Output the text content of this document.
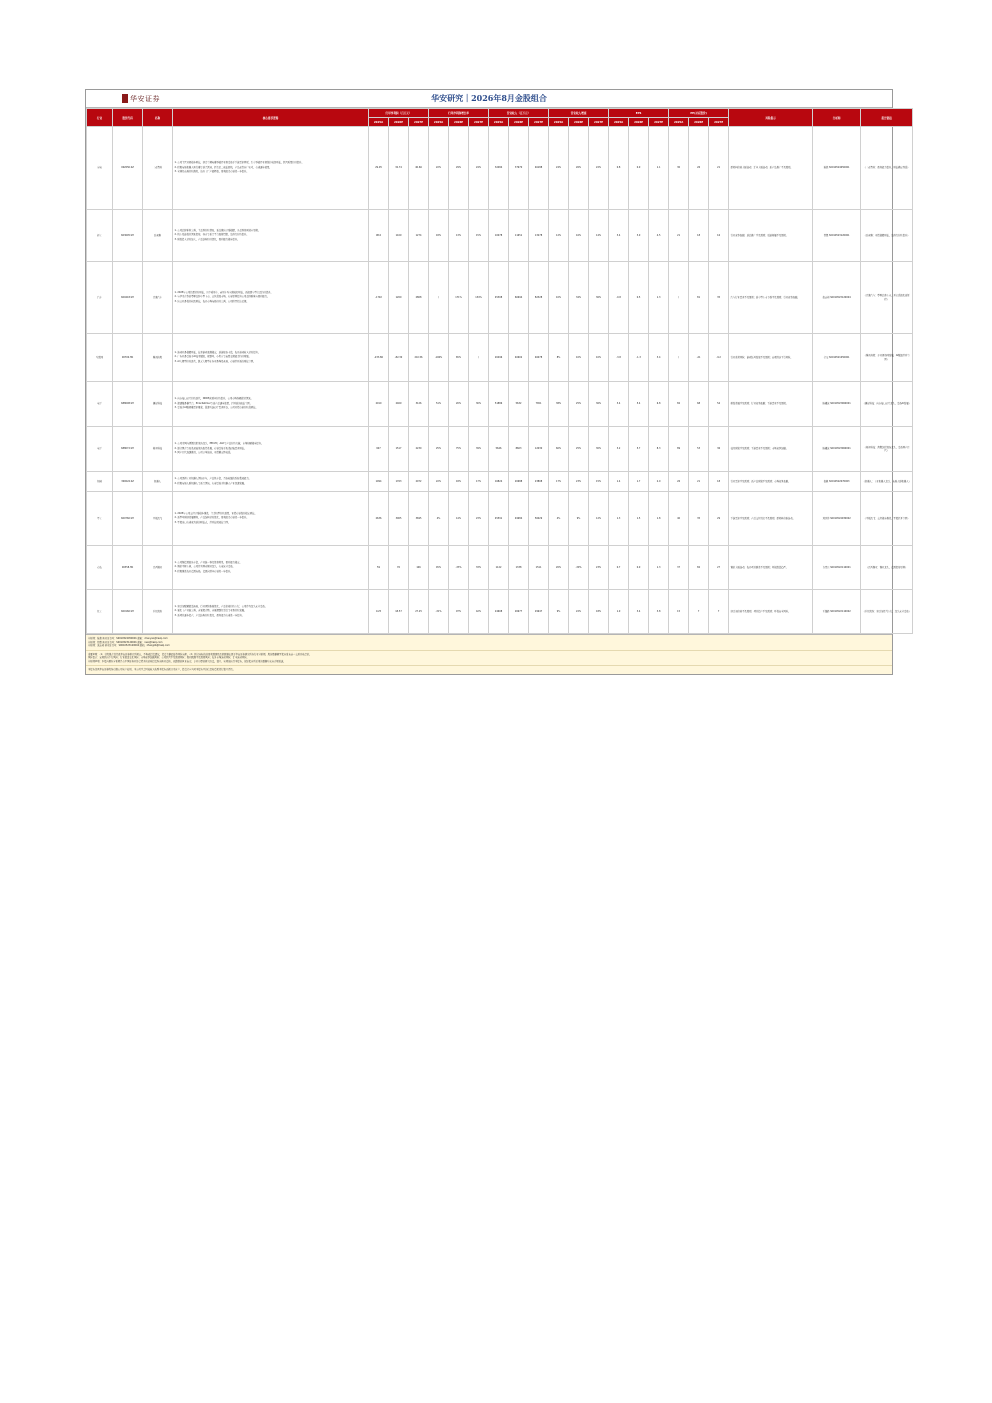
华安证券	华安研究｜2026年8月金股组合
行业	股票代码	名称	核心推荐逻辑	归母净利润（百万元）			归母净利润增长率			营业收入（百万元）			营业收入增速			EPS			PE(对应股价)			风险提示	分析师	报告链接
				2025A	2026E	2027E	2025A	2026E	2027E	2025A	2026E	2027E	2025A	2026E	2027E	2025A	2026E	2027E	2025A	2026E	2027E			
家电	002050.SZ	三花智控	1. 公司主营业务稳步增长，制冷空调电器零部件业务受益于下游需求回暖，汽车零部件业务保持较快增长，经营质量持续提升。

2. 积极布局机器人执行器等新兴领域，打造第二成长曲线，产品获得客户认可，有望逐步放量。

3. 全球化布局持续推进，海外工厂产能释放，盈利能力有望进一步提升。	29.05	32.74	40.66	22%	29%	24%	32484	37970	46188	24%	26%	22%	0.8	0.9	1.1	30	26	21	原材料价格大幅波动；汇率大幅波动；新产品推广不及预期。	陈燕 S0010524050001	《三花智控：盈利能力提升，增长确定性高》
轻工	603605.SH	珀莱雅	1. 公司品牌矩阵完善，主品牌持续领先，新品推出节奏稳健，多品牌协同效应显现。

2. 线上渠道保持领先优势，抖音等新兴平台表现亮眼，品牌力持续提升。

3. 研发投入持续加大，产品结构持续优化，盈利能力稳步提升。	98.0	1109	1274	18%	13%	15%	10078	11651	13278	12%	16%	14%	3.4	3.9	4.5	21	18	16	行业竞争加剧；新品推广不及预期；渠道拓展不及预期。	徐偲 S0010523120001	《珀莱雅：业绩稳健增长，品牌力持续提升》
汽车	600418.SH	江淮汽车	1. 2025年公司销量持续增长，其中乘用车、商用车均实现较好增长，新能源车型占比持续提升。

2. 与华为合作的尊界品牌车型上市，定位高端市场，有望显著提升公司品牌形象与盈利能力。

3. 出口业务保持较快增长，海外市场布局持续完善，公司经营拐点已现。	-1702	1200	2808	/	171%	134%	45308	60694	82328	10%	34%	36%	-0.8	0.5	1.3	/	81	35	汽车行业需求不及预期；新车型上市节奏不及预期；行业竞争加剧。	张志邦 S0010523120004	《江淮汽车：尊界品牌上市，开启高端化新征程》
互联网	00700.HK	腾讯控股	1. 游戏业务稳健增长，长青游戏表现稳定，新游储备丰富，海外游戏收入持续提升。

2. 广告业务受益于AI技术赋能，视频号、小程序等流量变现能力持续增强。

3. AI大模型持续迭代，混元大模型在各业务场景落地，有望打开新的增长空间。	-233.86	-82.30	210.56	-106%	65%	/	20496	40602	46078	8%	10%	10%	-3.8	-1.3	3.4	/	-21	-9.2	行业监管风险；游戏版号发放不及预期；宏观经济下行风险。	金荣 S0010521050001	《腾讯控股：多业务协同发展，AI赋能打开空间》
电子	688008.SH	澜起科技	1. 内存接口芯片持续迭代，DDR5渗透率持续提升，公司市场份额保持领先。

2. 津逮服务器平台、PCIe Retimer等新产品逐步放量，打开新的成长空间。

3. 受益于AI服务器需求爆发，高速互连芯片需求旺盛，公司业绩有望持续高增长。	2010	2409	3126	51%	20%	30%	51886	5632	7651	38%	25%	36%	3.4	5.4	6.8	82	68	54	研发进展不及预期；行业竞争加剧；下游需求不及预期。	陈耀波 S0010523060001	《澜起科技：内存接口芯片龙头，受益AI发展》
电子	688072.SH	拓荆科技	1. 公司为国内薄膜沉积设备龙头，PECVD、ALD等产品持续突破，市场份额稳步提升。

2. 混合键合等先进封装设备取得进展，有望受益于先进封装需求增长。

3. 国产替代加速推进，公司订单饱满，业绩确定性较高。	907	1517	2230	25%	75%	39%	5646	8603	12030	60%	25%	30%	3.2	5.7	8.3	89	53	36	技术研发不及预期；下游需求不及预期；市场竞争加剧。	陈耀波 S0010523060001	《拓荆科技：薄膜沉积设备龙头，受益国产替代》
机械	300024.SZ	机器人	1. 公司深耕工业机器人领域多年，产品线丰富，具备较强的系统集成能力。

2. 积极布局人形机器人等新兴领域，有望受益于机器人产业快速发展。	1094	1763	2072	22%	18%	17%	16824	20688	23808	17%	23%	15%	1.4	1.7	2.0	26	21	18	行业需求不及预期；新产品研发不及预期；市场竞争加剧。	张帆 S0010522070003	《机器人：工业机器人龙头，布局人形机器人》
军工	600760.SH	中航沈飞	1. 2025年公司交付节奏稳步推进，主力机型持续放量，业绩有望保持稳定增长。

2. 新型号研制进展顺利，产品结构持续优化，盈利能力有望进一步提升。

3. 军贸出口有望成为新的增长点，打开长期成长空间。	2636	3005	3695	4%	14%	23%	45591	49984	56029	4%	9%	12%	1.3	1.5	1.8	40	35	29	下游需求不及预期；产品交付进度不及预期；原材料价格波动。	邓承佯 S0010524030002	《中航沈飞：交付稳步推进，军贸打开空间》
有色	00358.HK	江西铜业	1. 公司铜资源储备丰富，产业链一体化优势明显，盈利能力稳定。

2. 铜价中枢上移，公司作为国内铜业龙头，有望充分受益。

3. 积极推进海外资源布局，资源自给率有望进一步提升。	59	76	106	45%	-33%	33%	1122	1338	1511	20%	-30%	23%	0.7	0.9	1.3	37	82	27	铜价大幅波动；海外项目推进不及预期；环保政策趋严。	许勇其 S0010522110001	《江西铜业：铜业龙头，资源优势显著》
化工	600160.SH	巨化股份	1. 制冷剂配额政策落地，行业供给格局优化，产品价格持续上行，公司作为龙头充分受益。

2. 氟化工产业链完善，含氟聚合物、含氟精细化学品等业务持续发展。

3. 新项目逐步投产，产品结构持续优化，盈利能力有望进一步提升。	9.25	18.57	27.25	-31%	97%	42%	24608	26977	29947	9%	22%	18%	1.9	3.4	3.8	15	7	7	制冷剂价格不及预期；项目投产不及预期；环保安全风险。	王强峰 S0010522110002	《巨化股份：制冷剂景气上行，龙头充分受益》

分析师：陈燕 执业证书号：S0010524050001 邮箱：chenyan@hazq.com

分析师：徐偲 执业证书号：S0010523120001 邮箱：xusi@hazq.com

分析师：张志邦 执业证书号：S0010523120004 邮箱：zhangzb@hazq.com

重要声明：（1）金股组合仅代表华安证券研究所观点，不构成投资建议，投资者据此操作风险自担。（2）组合内标的的盈利预测及估值数据来源于华安证券研究所各行业分析师，股价数据截至报告发布前一交易日收盘价。

风险提示：宏观经济下行风险；行业政策变化风险；市场竞争加剧风险；公司经营不及预期风险；盈利预测不及预期风险；海外市场波动风险；汇率波动风险。

分析师声明：本报告署名分析师具有中国证券业协会授予的证券投资咨询执业资格，以勤勉的执业态度、专业审慎的研究方法，独立、客观地出具本报告，保证报告所采用的数据均来自合规渠道。

本报告仅供华安证券股份有限公司客户使用，本公司不会因接收人收到本报告而视其为客户，投资者应当对本报告中的信息和意见进行独立评估。
